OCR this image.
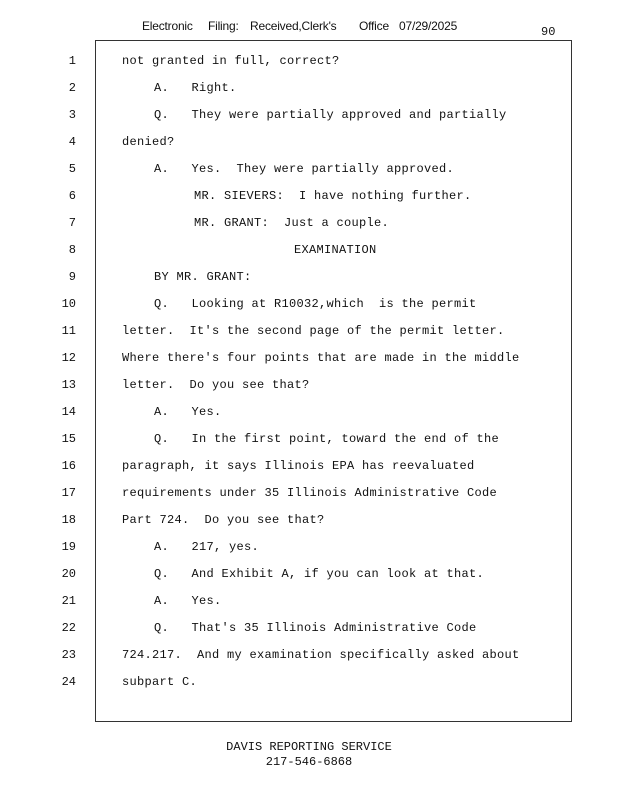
Electronic Filing: Received,Clerk's Office 07/29/2025	90
1
2
3
4
5
6
7
8
9
10
11
12
13
14
15
16
17
18
19
20
21
22
23
24
not granted in full, correct?
A.   Right.
Q.   They were partially approved and partially
denied?
A.   Yes.  They were partially approved.
MR. SIEVERS:  I have nothing further.
MR. GRANT:  Just a couple.
EXAMINATION
BY MR. GRANT:
Q.   Looking at R10032,which  is the permit
letter.  It's the second page of the permit letter.
Where there's four points that are made in the middle
letter.  Do you see that?
A.   Yes.
Q.   In the first point, toward the end of the
paragraph, it says Illinois EPA has reevaluated
requirements under 35 Illinois Administrative Code
Part 724.  Do you see that?
A.   217, yes.
Q.   And Exhibit A, if you can look at that.
A.   Yes.
Q.   That's 35 Illinois Administrative Code
724.217.  And my examination specifically asked about
subpart C.
DAVIS REPORTING SERVICE
217-546-6868
